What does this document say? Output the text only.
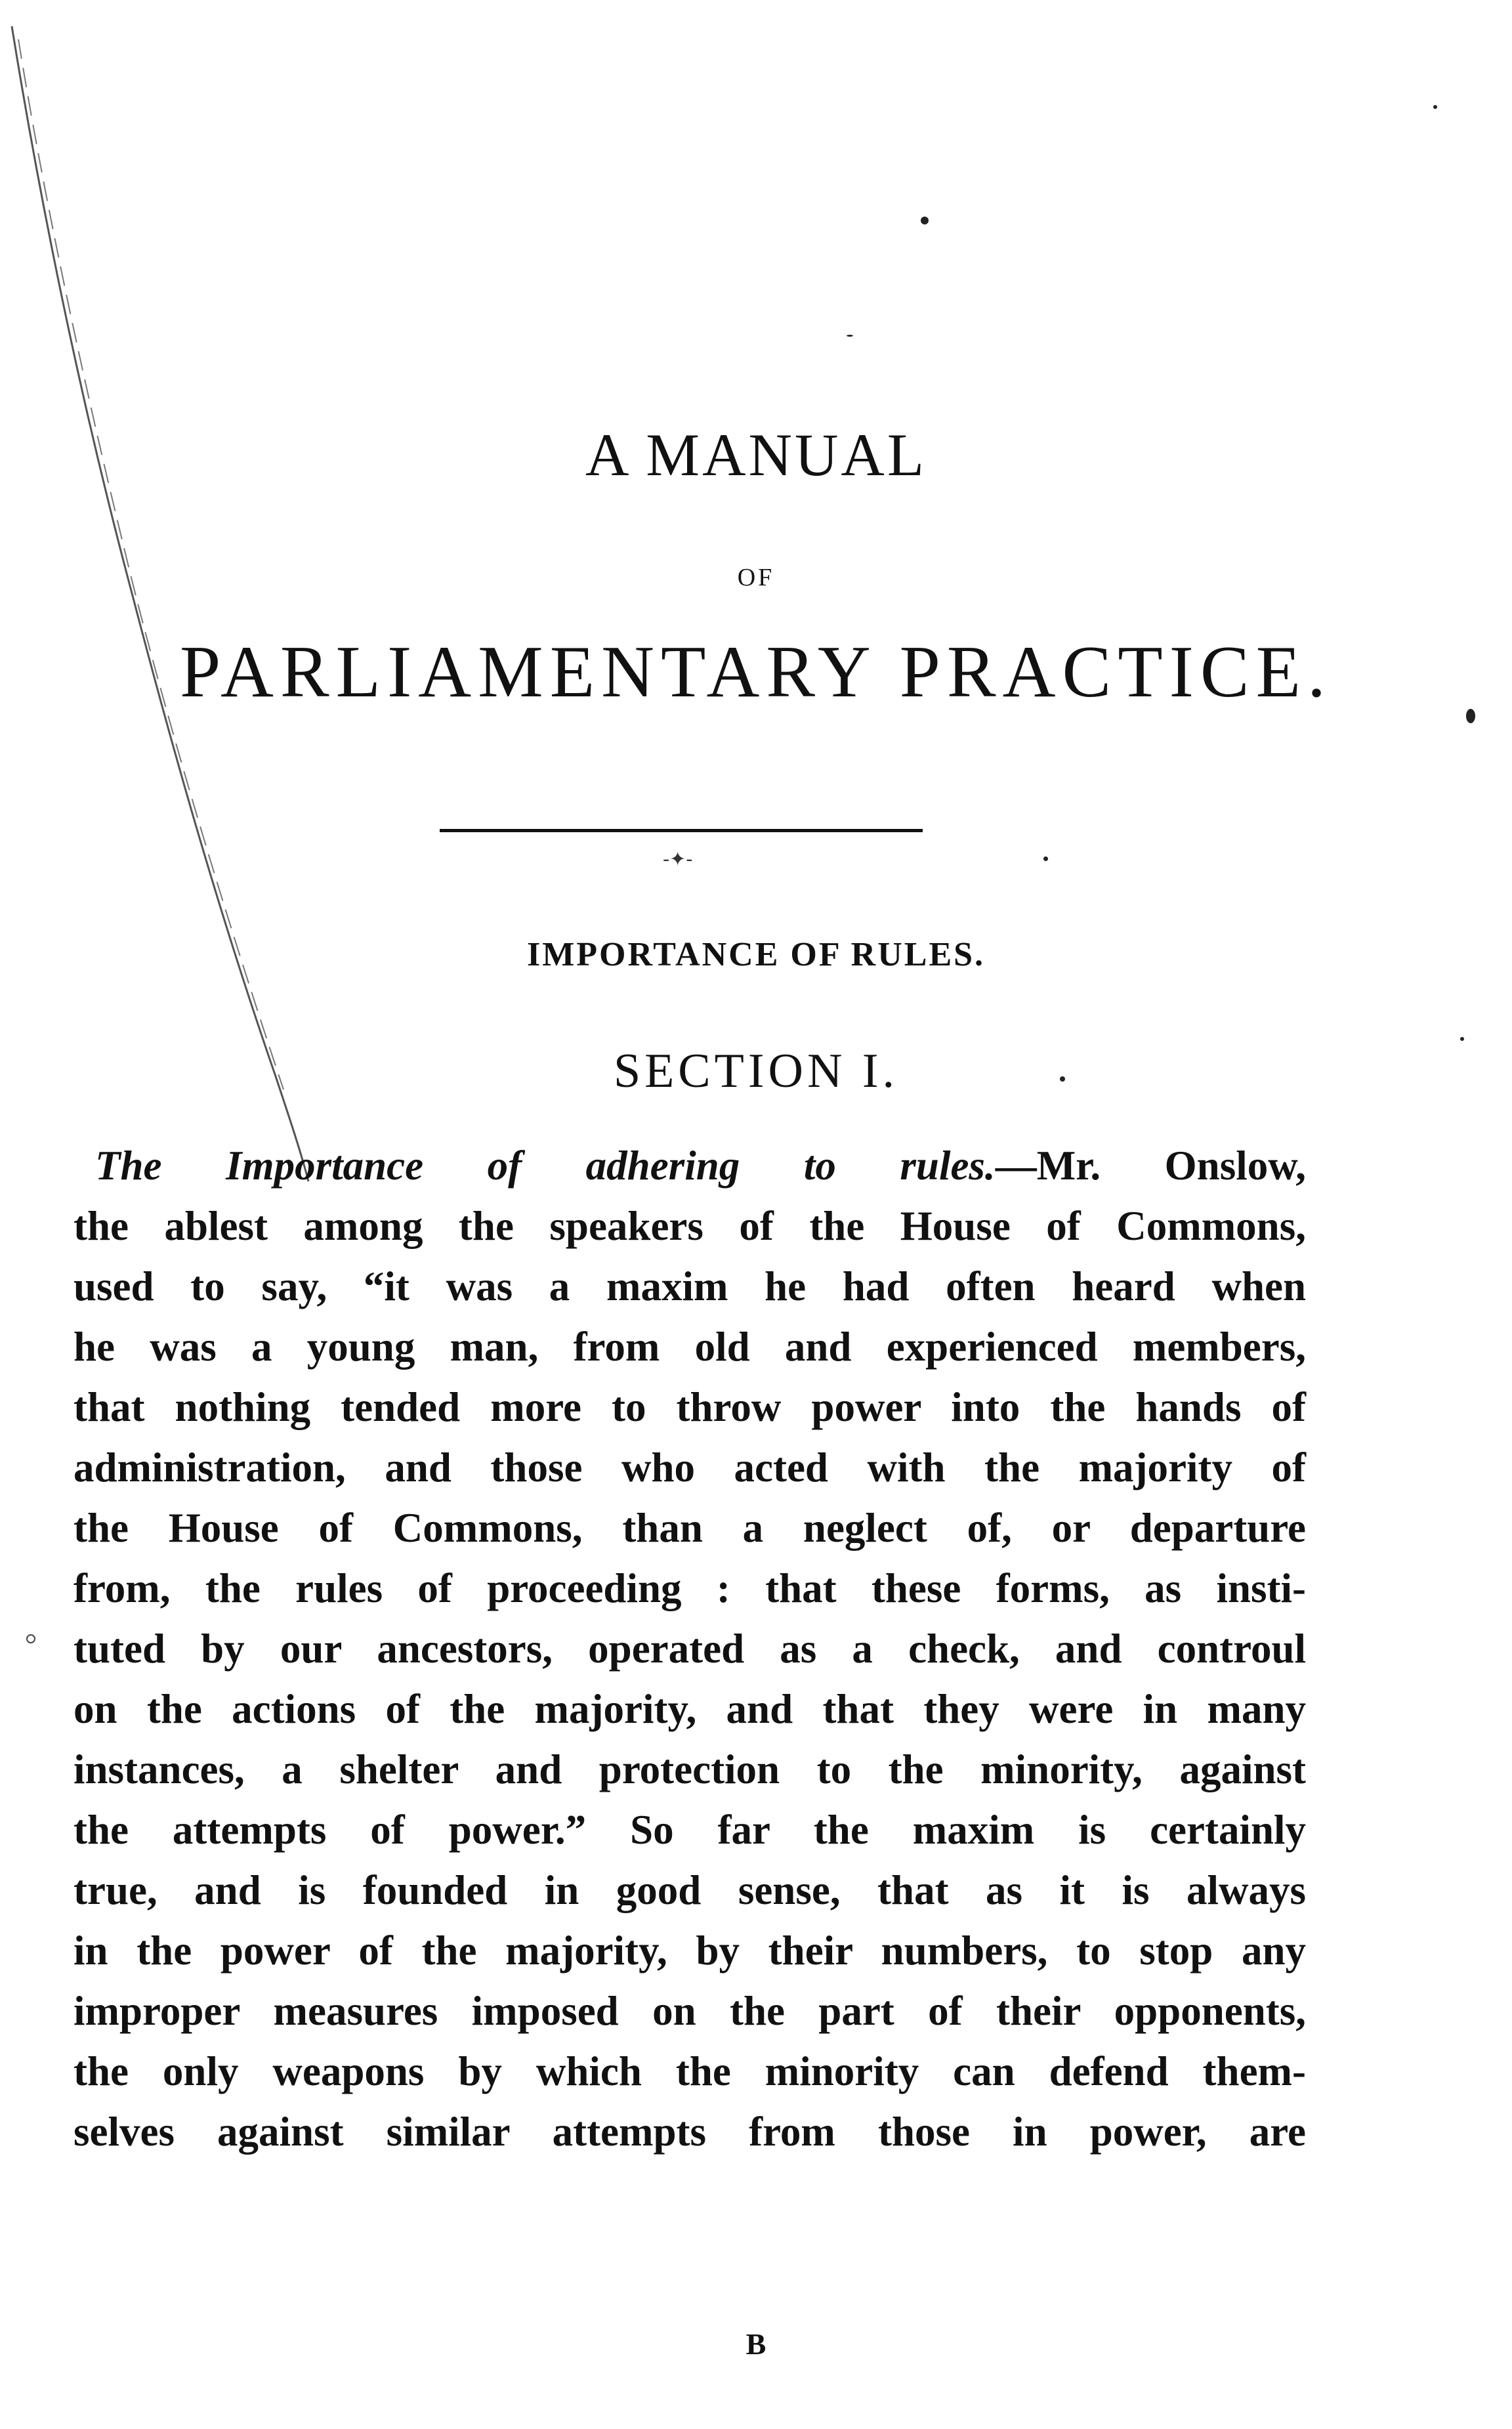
A MANUAL
OF
PARLIAMENTARY PRACTICE.
-✦-
IMPORTANCE OF RULES.
SECTION I.
The Importance of adhering to rules.—Mr. Onslow,
the ablest among the speakers of the House of Commons,
used to say, “it was a maxim he had often heard when
he was a young man, from old and experienced members,
that nothing tended more to throw power into the hands of
administration, and those who acted with the majority of
the House of Commons, than a neglect of, or departure
from, the rules of proceeding : that these forms, as insti-
tuted by our ancestors, operated as a check, and controul
on the actions of the majority, and that they were in many
instances, a shelter and protection to the minority, against
the attempts of power.” So far the maxim is certainly
true, and is founded in good sense, that as it is always
in the power of the majority, by their numbers, to stop any
improper measures imposed on the part of their opponents,
the only weapons by which the minority can defend them-
selves against similar attempts from those in power, are
B
